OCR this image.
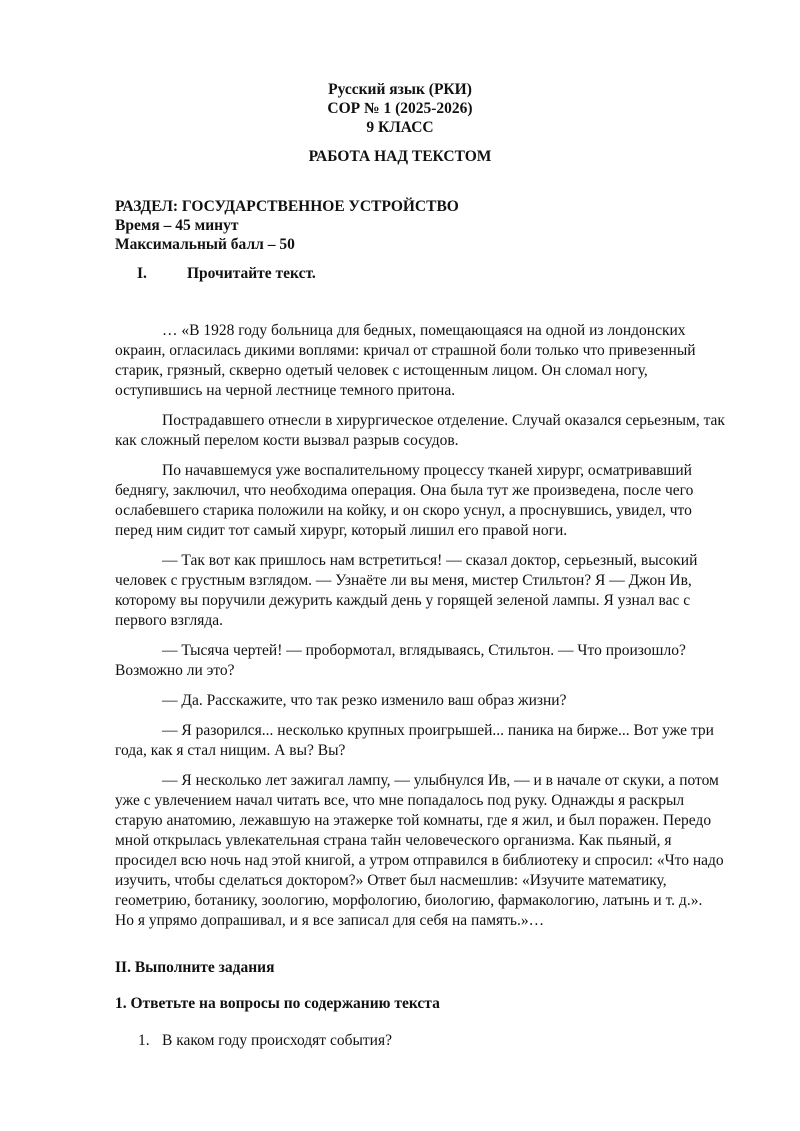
Русский язык (РКИ)
СОР № 1 (2025-2026)
9 КЛАСС
РАБОТА НАД ТЕКСТОМ
РАЗДЕЛ: ГОСУДАРСТВЕННОЕ УСТРОЙСТВО
Время – 45 минут
Максимальный балл – 50
I.	Прочитайте текст.

… «В 1928 году больница для бедных, помещающаяся на одной из лондонских окраин, огласилась дикими воплями: кричал от страшной боли только что привезенный старик, грязный, скверно одетый человек с истощенным лицом. Он сломал ногу, оступившись на черной лестнице темного притона.

Пострадавшего отнесли в хирургическое отделение. Случай оказался серьезным, так как сложный перелом кости вызвал разрыв сосудов.

По начавшемуся уже воспалительному процессу тканей хирург, осматривавший беднягу, заключил, что необходима операция. Она была тут же произведена, после чего ослабевшего старика положили на койку, и он скоро уснул, а проснувшись, увидел, что перед ним сидит тот самый хирург, который лишил его правой ноги.

— Так вот как пришлось нам встретиться! — сказал доктор, серьезный, высокий человек с грустным взглядом. — Узнаёте ли вы меня, мистер Стильтон? Я — Джон Ив, которому вы поручили дежурить каждый день у горящей зеленой лампы. Я узнал вас с первого взгляда.

— Тысяча чертей! — пробормотал, вглядываясь, Стильтон. — Что произошло? Возможно ли это?

— Да. Расскажите, что так резко изменило ваш образ жизни?

— Я разорился... несколько крупных проигрышей... паника на бирже... Вот уже три года, как я стал нищим. А вы? Вы?

— Я несколько лет зажигал лампу, — улыбнулся Ив, — и в начале от скуки, а потом уже с увлечением начал читать все, что мне попадалось под руку. Однажды я раскрыл старую анатомию, лежавшую на этажерке той комнаты, где я жил, и был поражен. Передо мной открылась увлекательная страна тайн человеческого организма. Как пьяный, я просидел всю ночь над этой книгой, а утром отправился в библиотеку и спросил: «Что надо изучить, чтобы сделаться доктором?» Ответ был насмешлив: «Изучите математику, геометрию, ботанику, зоологию, морфологию, биологию, фармакологию, латынь и т. д.». Но я упрямо допрашивал, и я все записал для себя на память.»…

II. Выполните задания
1. Ответьте на вопросы по содержанию текста
1. В каком году происходят события?
